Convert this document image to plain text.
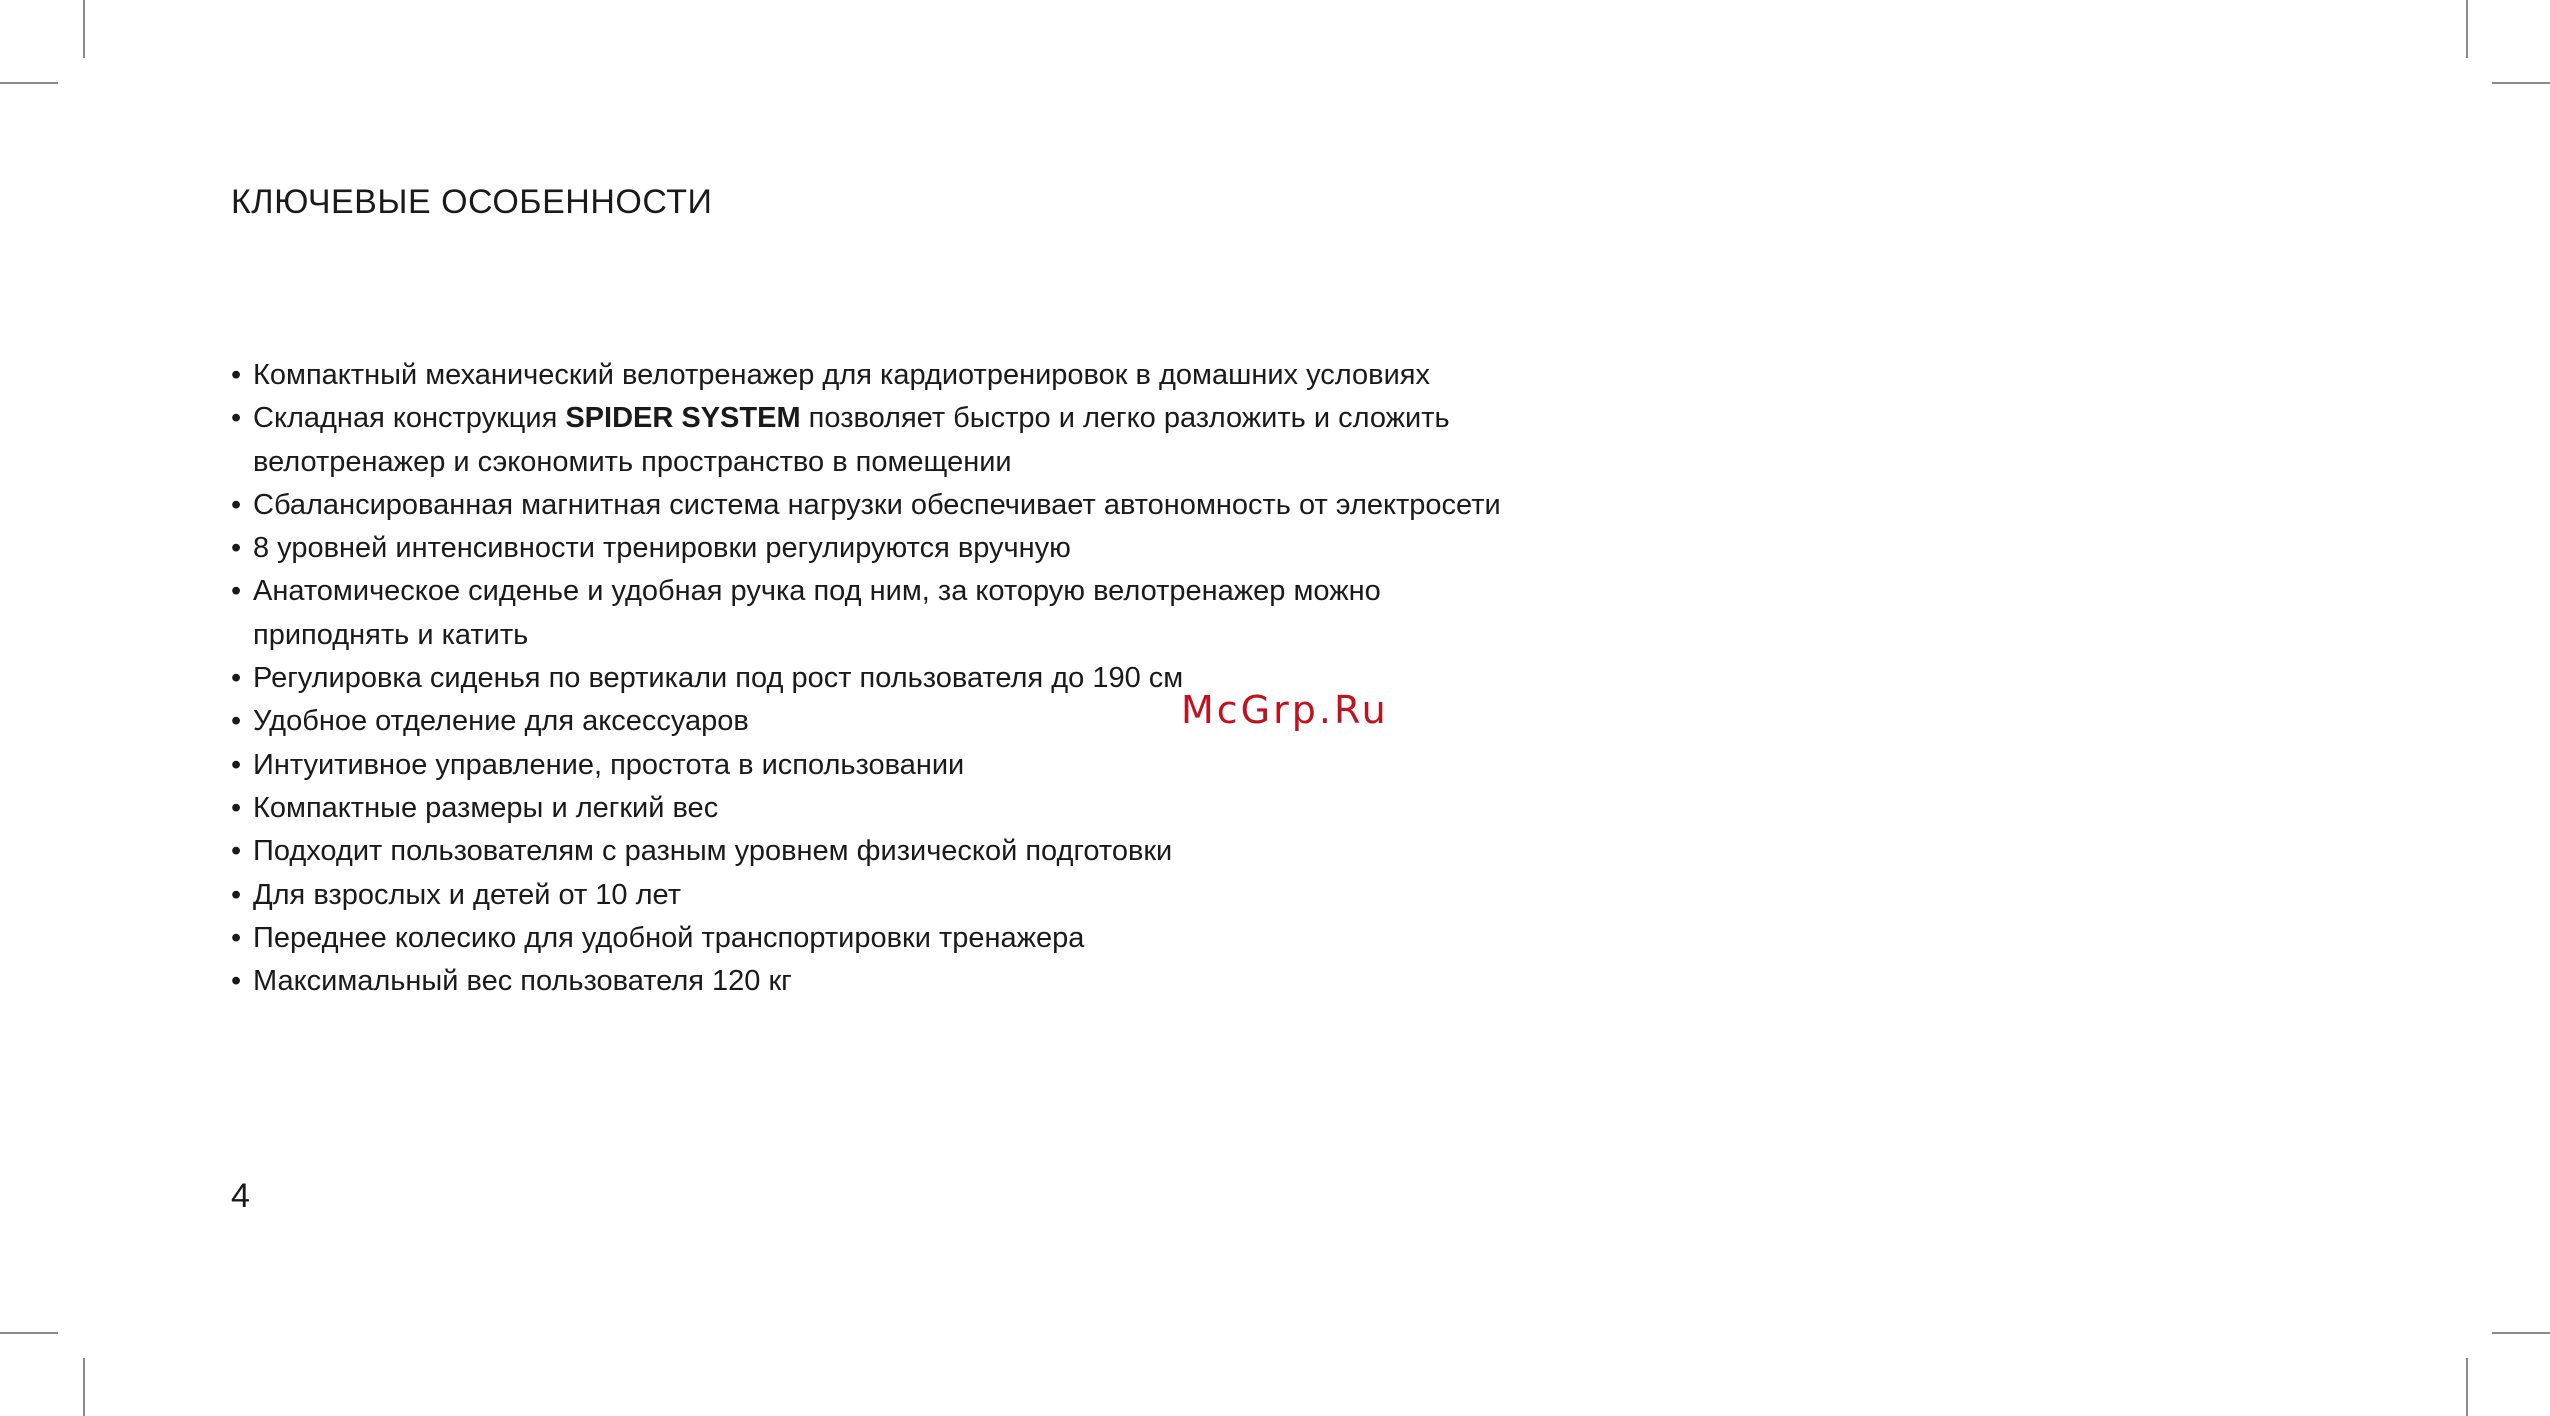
КЛЮЧЕВЫЕ ОСОБЕННОСТИ
• Компактный механический велотренажер для кардиотренировок в домашних условиях
• Складная конструкция SPIDER SYSTEM позволяет быстро и легко разложить и сложить
велотренажер и сэкономить пространство в помещении
• Сбалансированная магнитная система нагрузки обеспечивает автономность от электросети
• 8 уровней интенсивности тренировки регулируются вручную
• Анатомическое сиденье и удобная ручка под ним, за которую велотренажер можно
приподнять и катить
• Регулировка сиденья по вертикали под рост пользователя до 190 см
• Удобное отделение для аксессуаров
• Интуитивное управление, простота в использовании
• Компактные размеры и легкий вес
• Подходит пользователям с разным уровнем физической подготовки
• Для взрослых и детей от 10 лет
• Переднее колесико для удобной транспортировки тренажера
• Максимальный вес пользователя 120 кг
McGrp.Ru
4
